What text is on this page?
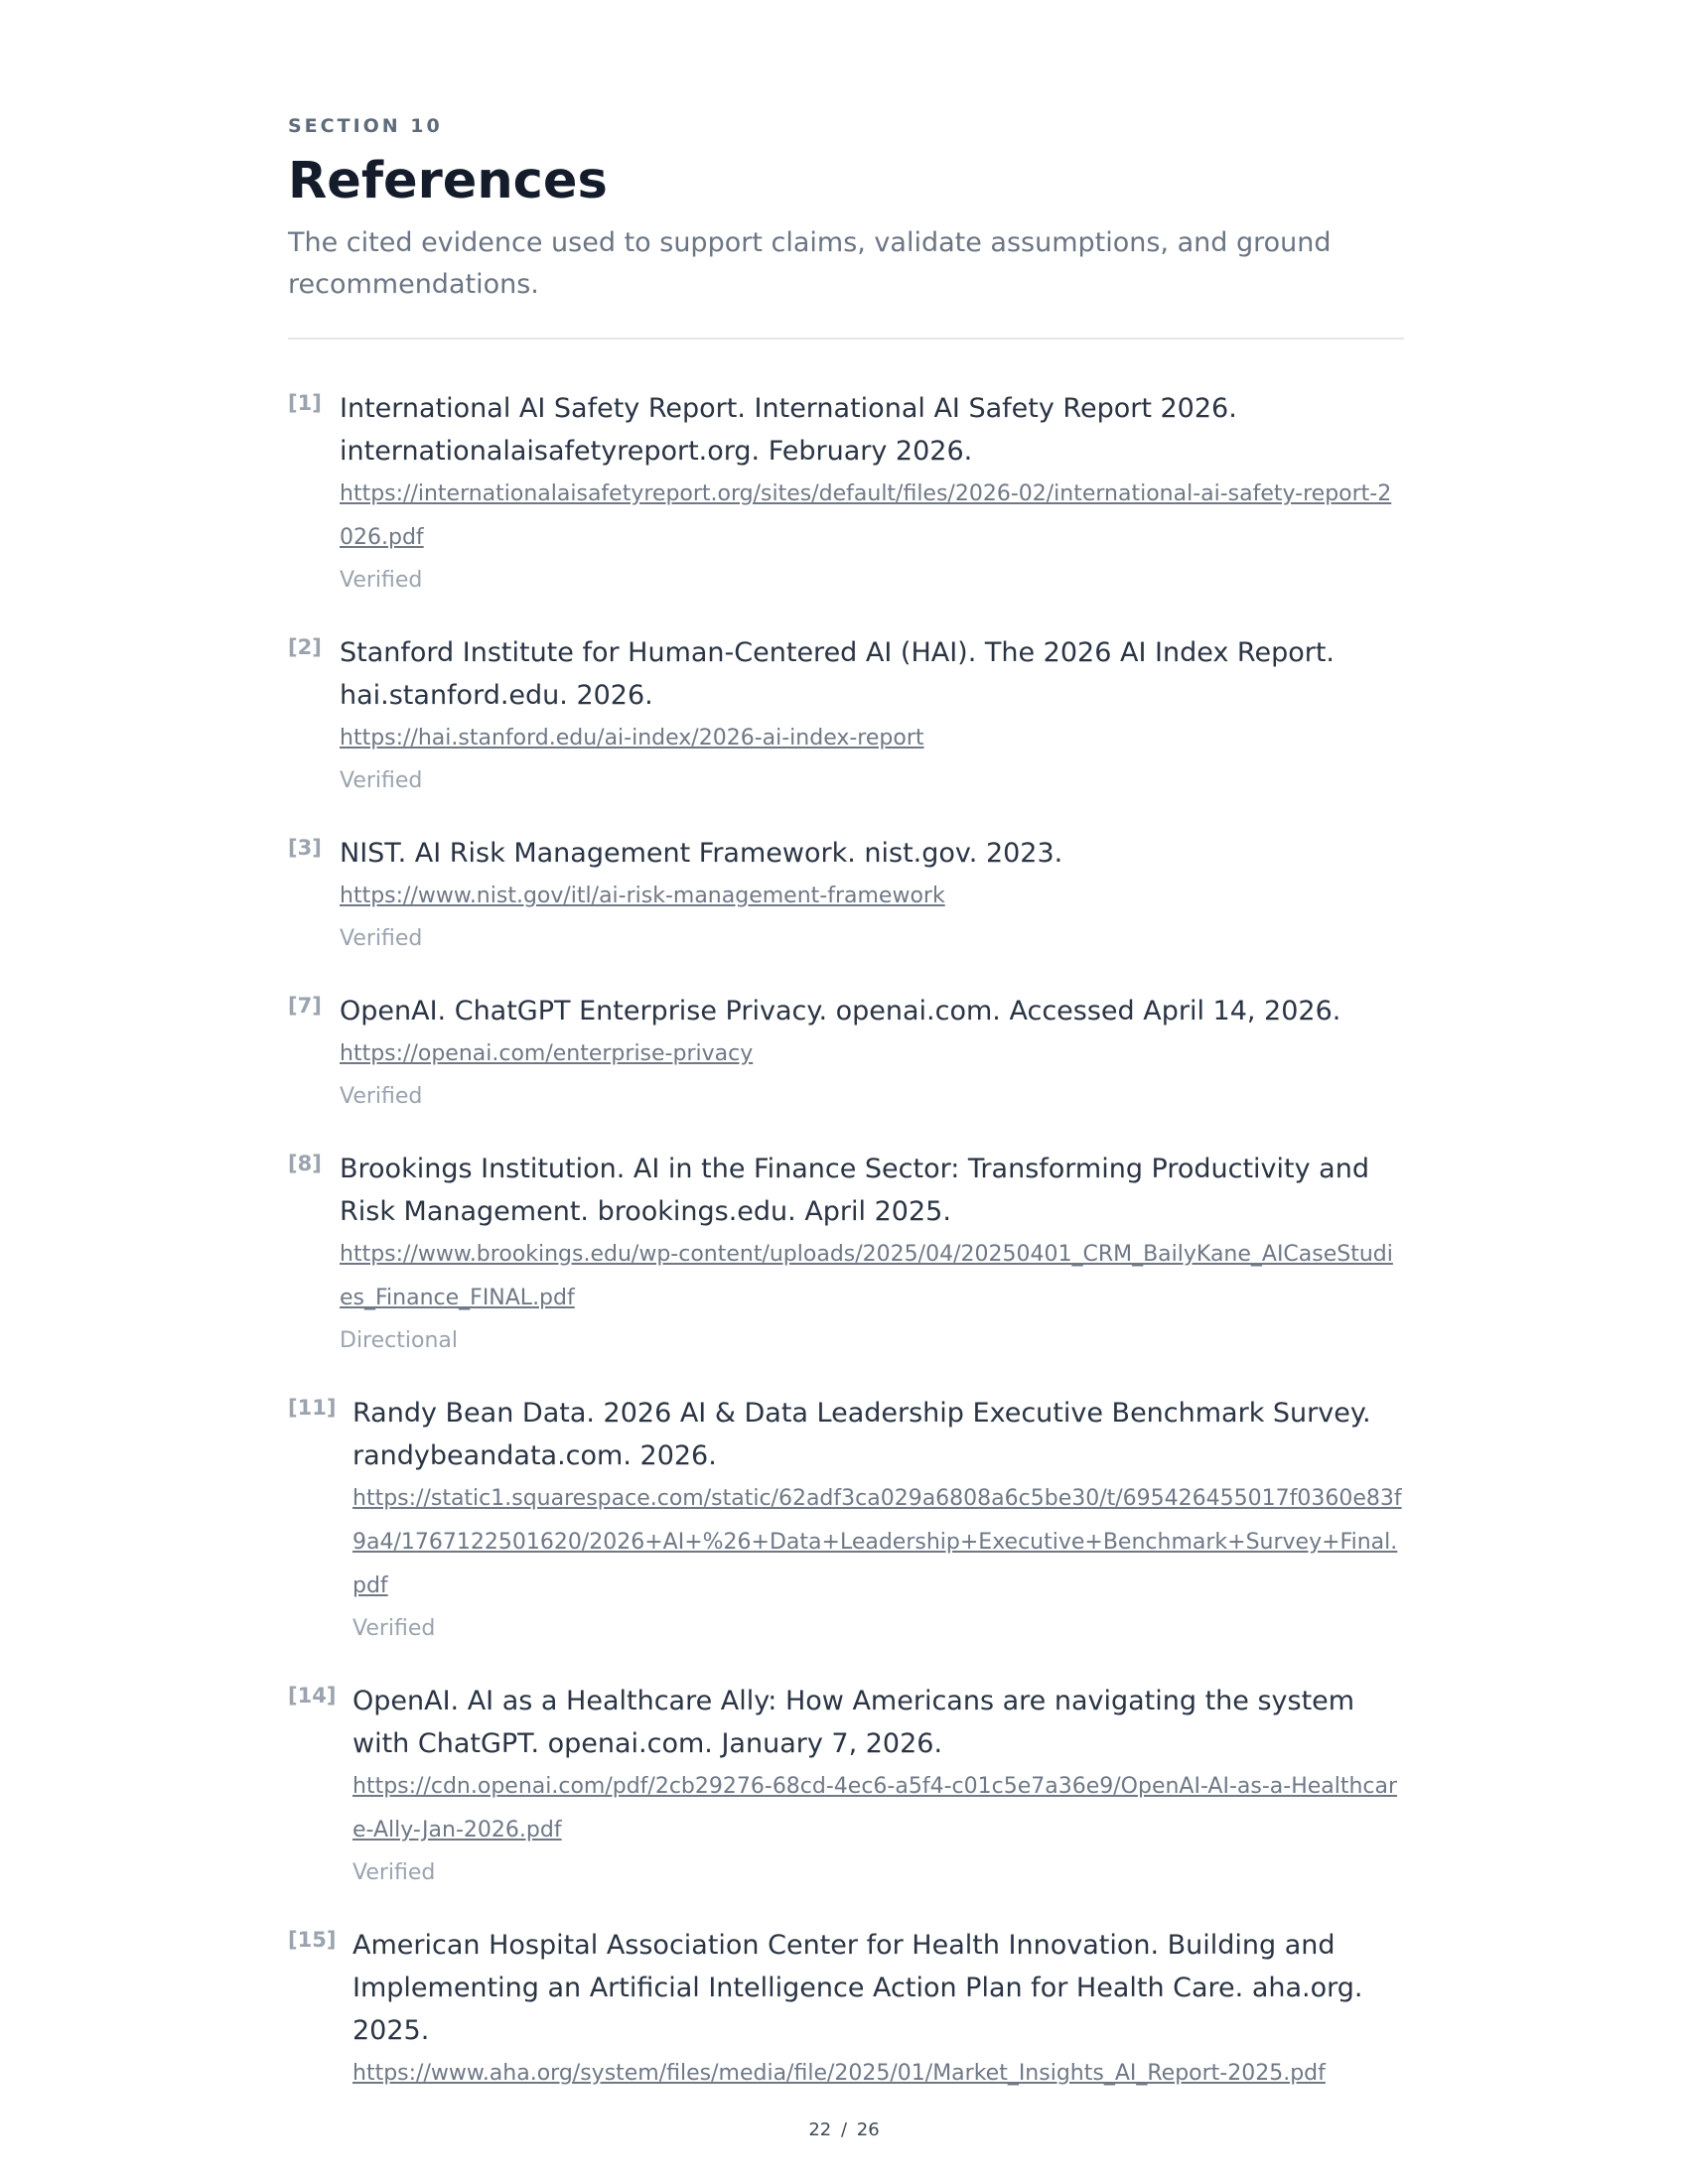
SECTION 10

References

The cited evidence used to support claims, validate assumptions, and ground recommendations.

[1] International AI Safety Report. International AI Safety Report 2026. internationalaisafetyreport.org. February 2026.
https://internationalaisafetyreport.org/sites/default/files/2026-02/international-ai-safety-report-2026.pdf
Verified
[2] Stanford Institute for Human-Centered AI (HAI). The 2026 AI Index Report. hai.stanford.edu. 2026.
https://hai.stanford.edu/ai-index/2026-ai-index-report
Verified
[3] NIST. AI Risk Management Framework. nist.gov. 2023.
https://www.nist.gov/itl/ai-risk-management-framework
Verified
[7] OpenAI. ChatGPT Enterprise Privacy. openai.com. Accessed April 14, 2026.
https://openai.com/enterprise-privacy
Verified
[8] Brookings Institution. AI in the Finance Sector: Transforming Productivity and Risk Management. brookings.edu. April 2025.
https://www.brookings.edu/wp-content/uploads/2025/04/20250401_CRM_BailyKane_AICaseStudies_Finance_FINAL.pdf
Directional
[11] Randy Bean Data. 2026 AI & Data Leadership Executive Benchmark Survey. randybeandata.com. 2026.
https://static1.squarespace.com/static/62adf3ca029a6808a6c5be30/t/695426455017f0360e83f9a4/1767122501620/2026+AI+%26+Data+Leadership+Executive+Benchmark+Survey+Final.pdf
Verified
[14] OpenAI. AI as a Healthcare Ally: How Americans are navigating the system with ChatGPT. openai.com. January 7, 2026.
https://cdn.openai.com/pdf/2cb29276-68cd-4ec6-a5f4-c01c5e7a36e9/OpenAI-AI-as-a-Healthcare-Ally-Jan-2026.pdf
Verified
[15] American Hospital Association Center for Health Innovation. Building and Implementing an Artificial Intelligence Action Plan for Health Care. aha.org. 2025.
https://www.aha.org/system/files/media/file/2025/01/Market_Insights_AI_Report-2025.pdf
22 / 26
